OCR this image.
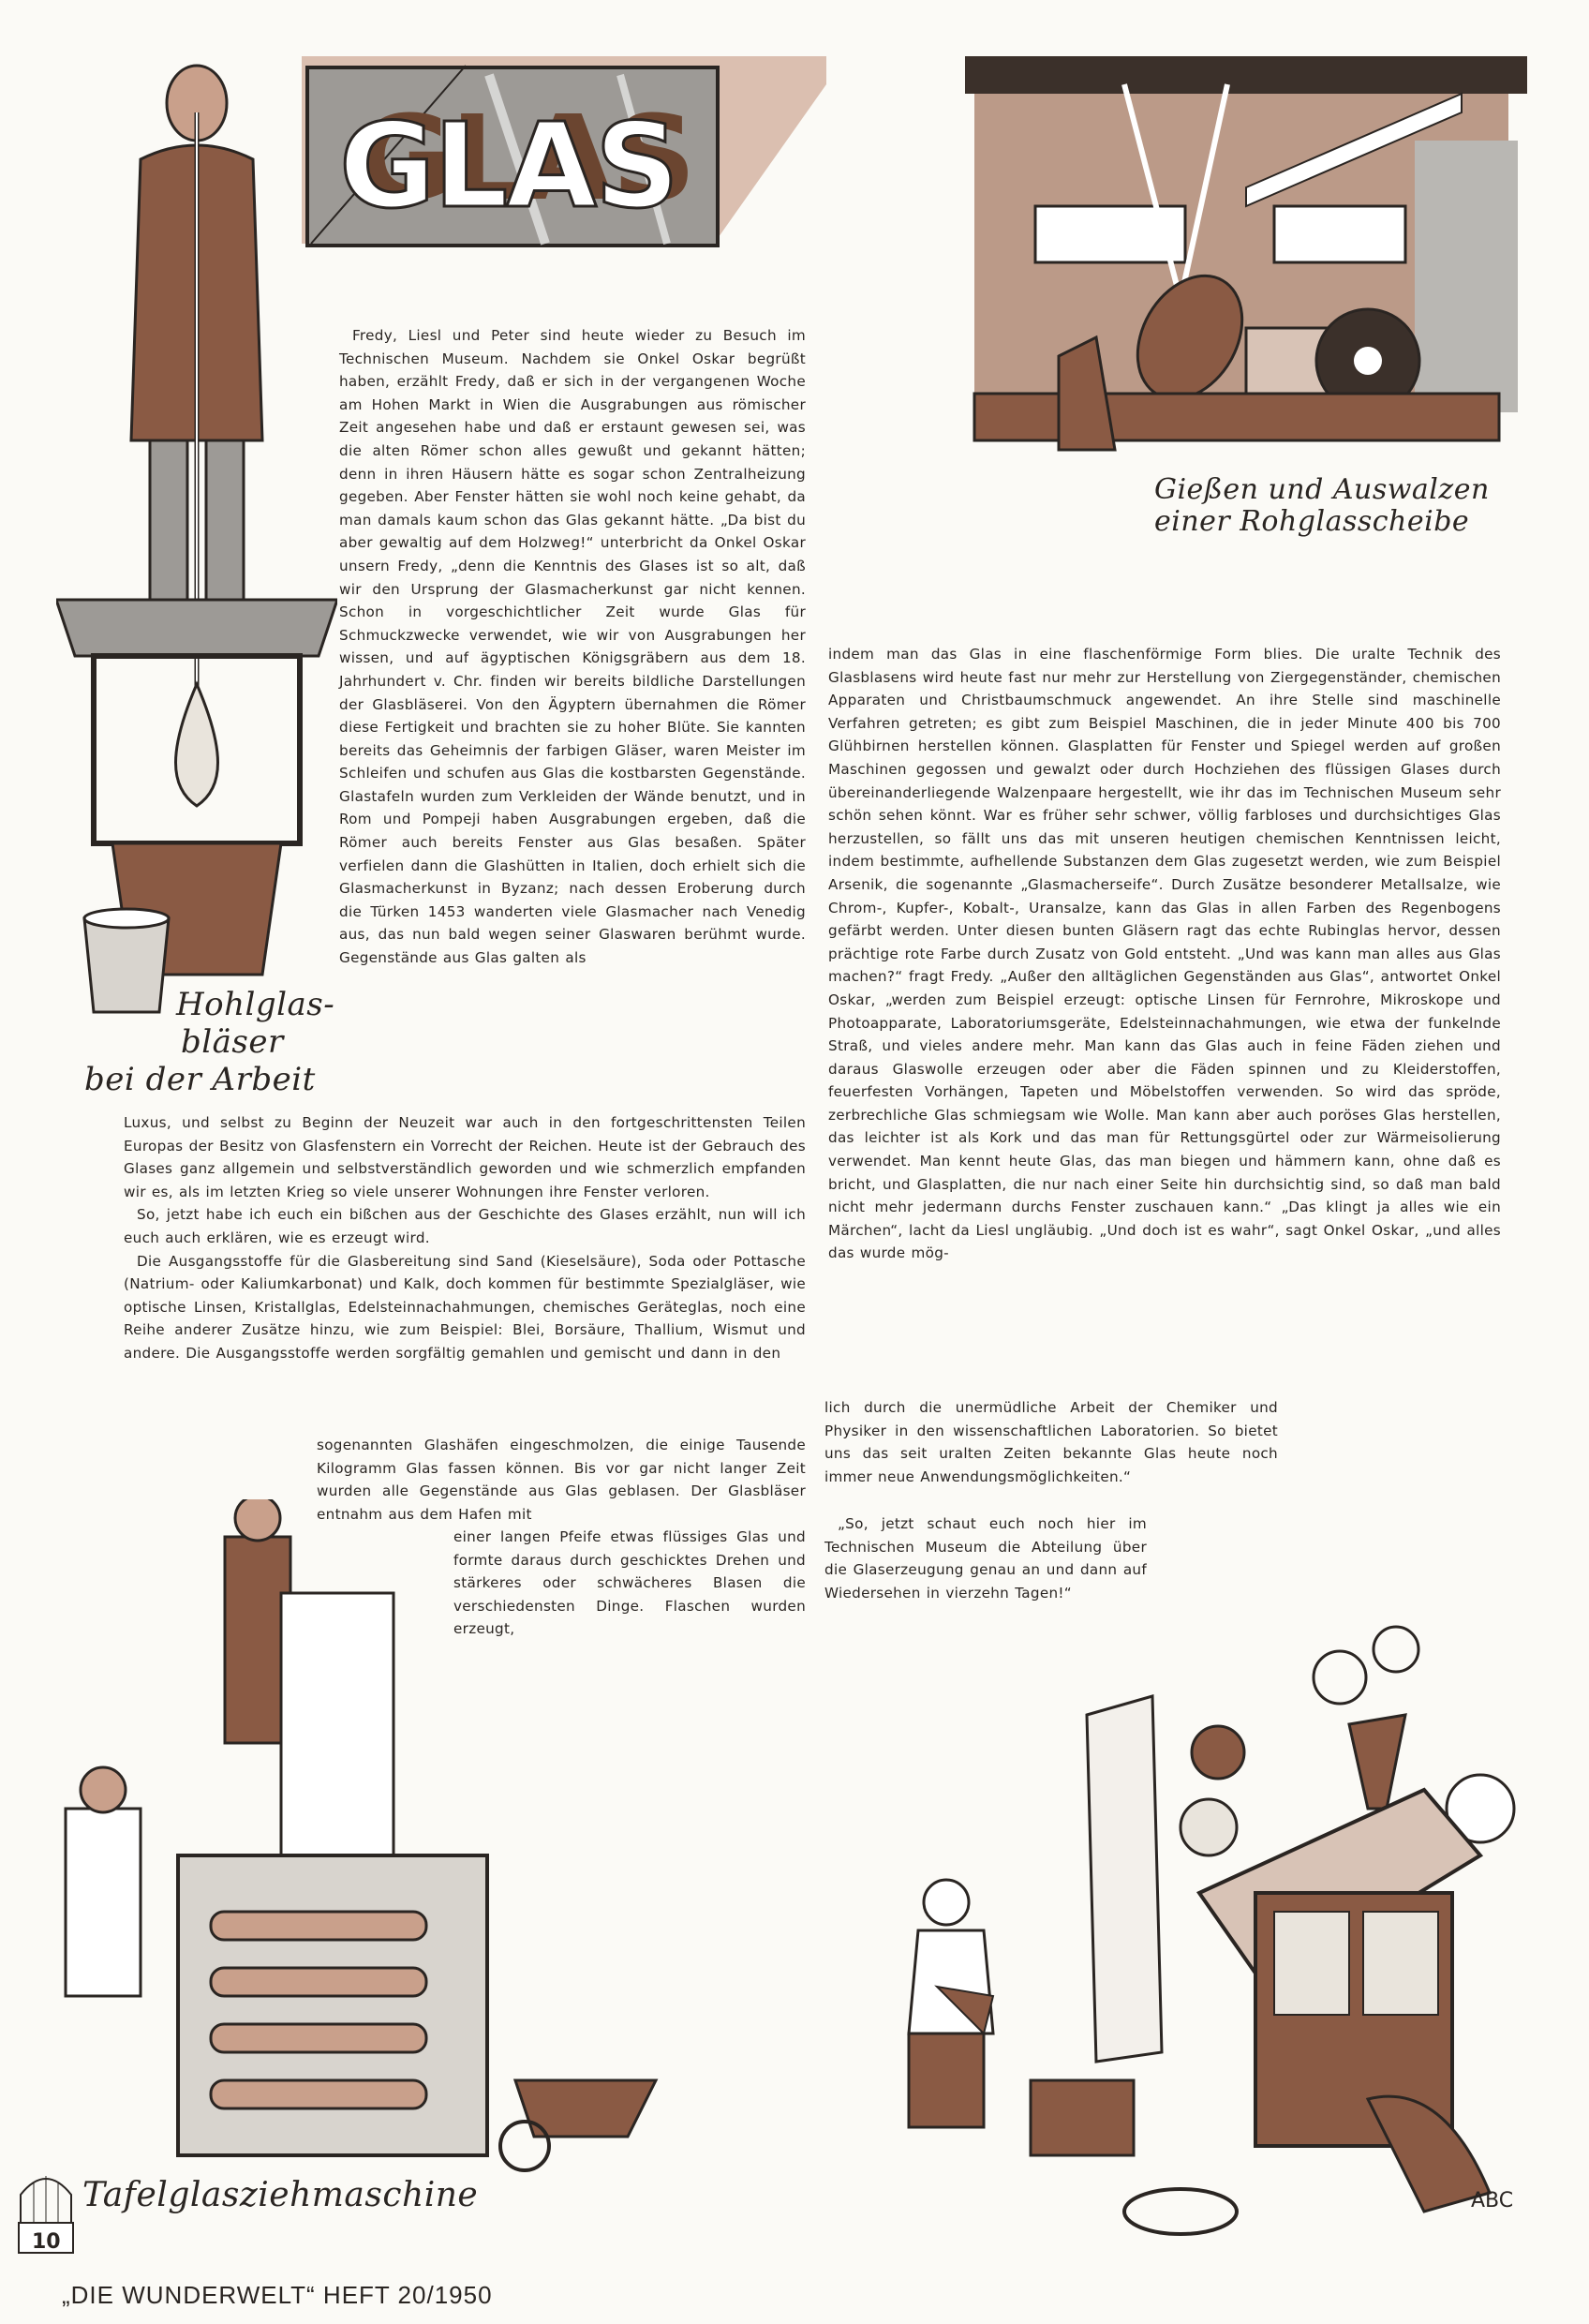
GLAS
Hohlglas-
bläser
bei der Arbeit
Gießen und Auswalzen
einer Rohglasscheibe

Fredy, Liesl und Peter sind heute wieder zu Besuch im Technischen Museum. Nachdem sie Onkel Oskar begrüßt haben, erzählt Fredy, daß er sich in der vergangenen Woche am Hohen Markt in Wien die Ausgrabungen aus römischer Zeit angesehen habe und daß er erstaunt gewesen sei, was die alten Römer schon alles gewußt und gekannt hätten; denn in ihren Häusern hätte es sogar schon Zentralheizung gegeben. Aber Fenster hätten sie wohl noch keine gehabt, da man damals kaum schon das Glas gekannt hätte. „Da bist du aber gewaltig auf dem Holzweg!“ unterbricht da Onkel Oskar unsern Fredy, „denn die Kenntnis des Glases ist so alt, daß wir den Ursprung der Glasmacherkunst gar nicht kennen. Schon in vorgeschichtlicher Zeit wurde Glas für Schmuckzwecke verwendet, wie wir von Ausgrabungen her wissen, und auf ägyptischen Königsgräbern aus dem 18. Jahrhundert v. Chr. finden wir bereits bildliche Darstellungen der Glasbläserei. Von den Ägyptern übernahmen die Römer diese Fertigkeit und brachten sie zu hoher Blüte. Sie kannten bereits das Geheimnis der farbigen Gläser, waren Meister im Schleifen und schufen aus Glas die kostbarsten Gegenstände. Glastafeln wurden zum Verkleiden der Wände benutzt, und in Rom und Pompeji haben Ausgrabungen ergeben, daß die Römer auch bereits Fenster aus Glas besaßen. Später verfielen dann die Glashütten in Italien, doch erhielt sich die Glasmacherkunst in Byzanz; nach dessen Eroberung durch die Türken 1453 wanderten viele Glasmacher nach Venedig aus, das nun bald wegen seiner Glaswaren berühmt wurde. Gegenstände aus Glas galten als

Luxus, und selbst zu Beginn der Neuzeit war auch in den fortgeschrittensten Teilen Europas der Besitz von Glasfenstern ein Vorrecht der Reichen. Heute ist der Gebrauch des Glases ganz allgemein und selbstverständlich geworden und wie schmerzlich empfanden wir es, als im letzten Krieg so viele unserer Wohnungen ihre Fenster verloren.

So, jetzt habe ich euch ein bißchen aus der Geschichte des Glases erzählt, nun will ich euch auch erklären, wie es erzeugt wird.

Die Ausgangsstoffe für die Glasbereitung sind Sand (Kieselsäure), Soda oder Pottasche (Natrium- oder Kaliumkarbonat) und Kalk, doch kommen für bestimmte Spezialgläser, wie optische Linsen, Kristallglas, Edelsteinnachahmungen, chemisches Geräteglas, noch eine Reihe anderer Zusätze hinzu, wie zum Beispiel: Blei, Borsäure, Thallium, Wismut und andere. Die Ausgangsstoffe werden sorgfältig gemahlen und gemischt und dann in den

sogenannten Glashäfen eingeschmolzen, die einige Tausende Kilogramm Glas fassen können. Bis vor gar nicht langer Zeit wurden alle Gegenstände aus Glas geblasen. Der Glasbläser entnahm aus dem Hafen mit

einer langen Pfeife etwas flüssiges Glas und formte daraus durch geschicktes Drehen und stärkeres oder schwächeres Blasen die verschiedensten Dinge. Flaschen wurden erzeugt,

indem man das Glas in eine flaschenförmige Form blies. Die uralte Technik des Glasblasens wird heute fast nur mehr zur Herstellung von Ziergegenständer, chemischen Apparaten und Christbaumschmuck angewendet. An ihre Stelle sind maschinelle Verfahren getreten; es gibt zum Beispiel Maschinen, die in jeder Minute 400 bis 700 Glühbirnen herstellen können. Glasplatten für Fenster und Spiegel werden auf großen Maschinen gegossen und gewalzt oder durch Hochziehen des flüssigen Glases durch übereinanderliegende Walzenpaare hergestellt, wie ihr das im Technischen Museum sehr schön sehen könnt. War es früher sehr schwer, völlig farbloses und durchsichtiges Glas herzustellen, so fällt uns das mit unseren heutigen chemischen Kenntnissen leicht, indem bestimmte, aufhellende Substanzen dem Glas zugesetzt werden, wie zum Beispiel Arsenik, die sogenannte „Glasmacherseife“. Durch Zusätze besonderer Metallsalze, wie Chrom-, Kupfer-, Kobalt-, Uransalze, kann das Glas in allen Farben des Regenbogens gefärbt werden. Unter diesen bunten Gläsern ragt das echte Rubinglas hervor, dessen prächtige rote Farbe durch Zusatz von Gold entsteht. „Und was kann man alles aus Glas machen?“ fragt Fredy. „Außer den alltäglichen Gegenständen aus Glas“, antwortet Onkel Oskar, „werden zum Beispiel erzeugt: optische Linsen für Fernrohre, Mikroskope und Photoapparate, Laboratoriumsgeräte, Edelsteinnachahmungen, wie etwa der funkelnde Straß, und vieles andere mehr. Man kann das Glas auch in feine Fäden ziehen und daraus Glaswolle erzeugen oder aber die Fäden spinnen und zu Kleiderstoffen, feuerfesten Vorhängen, Tapeten und Möbelstoffen verwenden. So wird das spröde, zerbrechliche Glas schmiegsam wie Wolle. Man kann aber auch poröses Glas herstellen, das leichter ist als Kork und das man für Rettungsgürtel oder zur Wärmeisolierung verwendet. Man kennt heute Glas, das man biegen und hämmern kann, ohne daß es bricht, und Glasplatten, die nur nach einer Seite hin durchsichtig sind, so daß man bald nicht mehr jedermann durchs Fenster zuschauen kann.“ „Das klingt ja alles wie ein Märchen“, lacht da Liesl ungläubig. „Und doch ist es wahr“, sagt Onkel Oskar, „und alles das wurde mög-

lich durch die unermüdliche Arbeit der Chemiker und Physiker in den wissenschaftlichen Laboratorien. So bietet uns das seit uralten Zeiten bekannte Glas heute noch immer neue Anwendungsmöglichkeiten.“

„So, jetzt schaut euch noch hier im Technischen Museum die Abteilung über die Glaserzeugung genau an und dann auf Wiedersehen in vierzehn Tagen!“

10
Tafelglasziehmaschine	ABC
„DIE WUNDERWELT“ HEFT 20/1950
